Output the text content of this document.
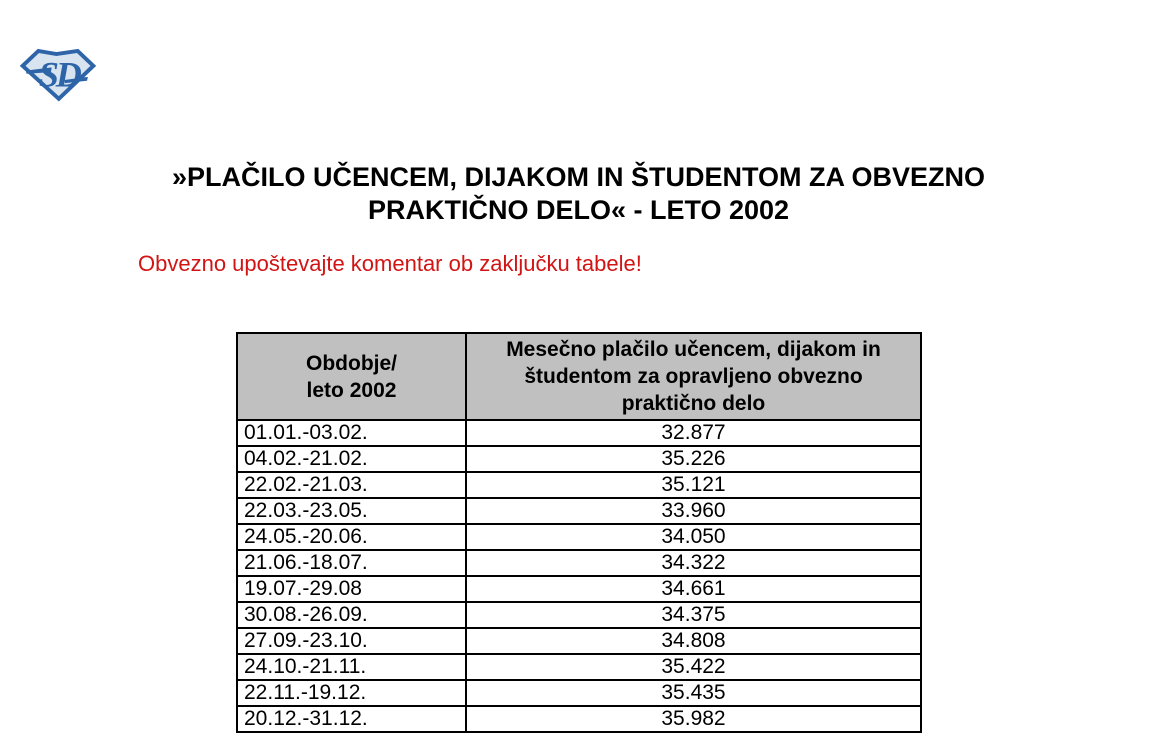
SD
»PLAČILO UČENCEM, DIJAKOM IN ŠTUDENTOM ZA OBVEZNO
PRAKTIČNO DELO« - LETO 2002
Obvezno upoštevajte komentar ob zaključku tabele!
Obdobje/
leto 2002	Mesečno plačilo učencem, dijakom in študentom za opravljeno obvezno praktično delo
01.01.-03.02.	32.877
04.02.-21.02.	35.226
22.02.-21.03.	35.121
22.03.-23.05.	33.960
24.05.-20.06.	34.050
21.06.-18.07.	34.322
19.07.-29.08	34.661
30.08.-26.09.	34.375
27.09.-23.10.	34.808
24.10.-21.11.	35.422
22.11.-19.12.	35.435
20.12.-31.12.	35.982
